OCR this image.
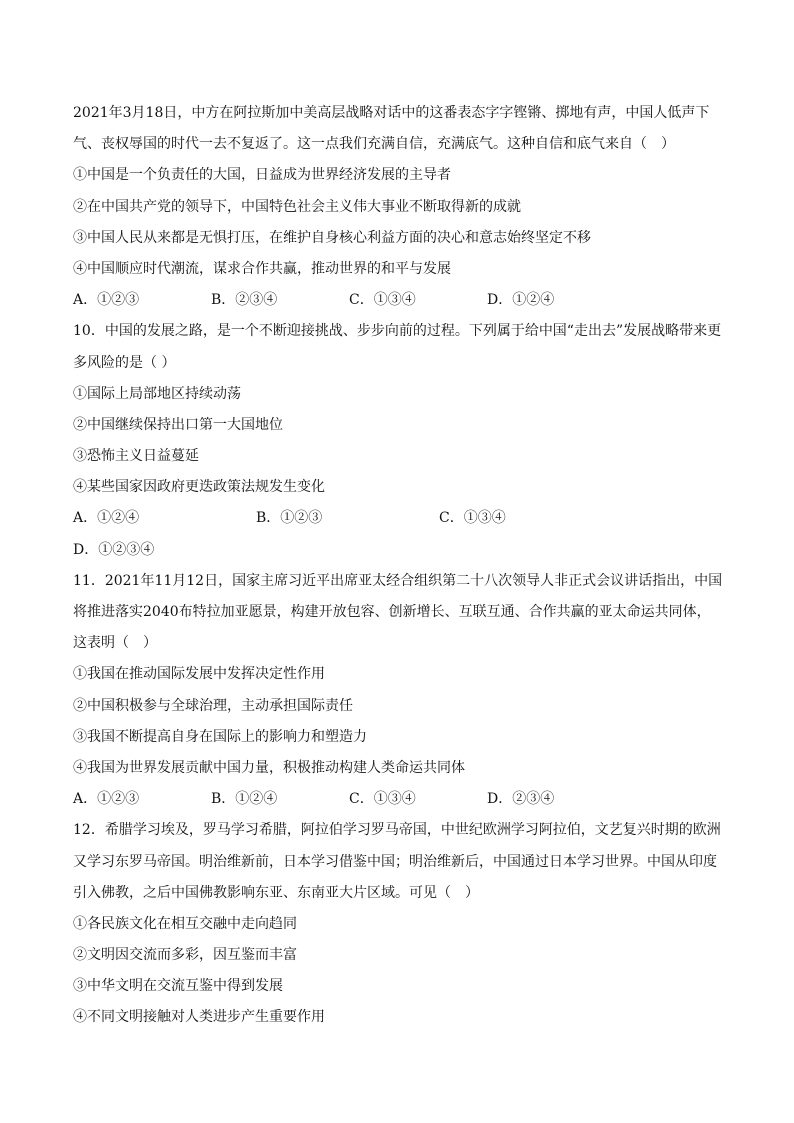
2021年3月18日，中方在阿拉斯加中美高层战略对话中的这番表态字字铿锵、掷地有声，中国人低声下
气、丧权辱国的时代一去不复返了。这一点我们充满自信，充满底气。这种自信和底气来自（　）
①中国是一个负责任的大国，日益成为世界经济发展的主导者
②在中国共产党的领导下，中国特色社会主义伟大事业不断取得新的成就
③中国人民从来都是无惧打压，在维护自身核心利益方面的决心和意志始终坚定不移
④中国顺应时代潮流，谋求合作共赢，推动世界的和平与发展
A．①②③	B．②③④	C．①③④	D．①②④
10．中国的发展之路，是一个不断迎接挑战、步步向前的过程。下列属于给中国“走出去”发展战略带来更
多风险的是（ ）
①国际上局部地区持续动荡
②中国继续保持出口第一大国地位
③恐怖主义日益蔓延
④某些国家因政府更迭政策法规发生变化
A．①②④	B．①②③	C．①③④
D．①②③④
11．2021年11月12日，国家主席习近平出席亚太经合组织第二十八次领导人非正式会议讲话指出，中国
将推进落实2040布特拉加亚愿景，构建开放包容、创新增长、互联互通、合作共赢的亚太命运共同体，
这表明（　）
①我国在推动国际发展中发挥决定性作用
②中国积极参与全球治理，主动承担国际责任
③我国不断提高自身在国际上的影响力和塑造力
④我国为世界发展贡献中国力量，积极推动构建人类命运共同体
A．①②③	B．①②④	C．①③④	D．②③④
12．希腊学习埃及，罗马学习希腊，阿拉伯学习罗马帝国，中世纪欧洲学习阿拉伯，文艺复兴时期的欧洲
又学习东罗马帝国。明治维新前，日本学习借鉴中国；明治维新后，中国通过日本学习世界。中国从印度
引入佛教，之后中国佛教影响东亚、东南亚大片区域。可见（　）
①各民族文化在相互交融中走向趋同
②文明因交流而多彩，因互鉴而丰富
③中华文明在交流互鉴中得到发展
④不同文明接触对人类进步产生重要作用
